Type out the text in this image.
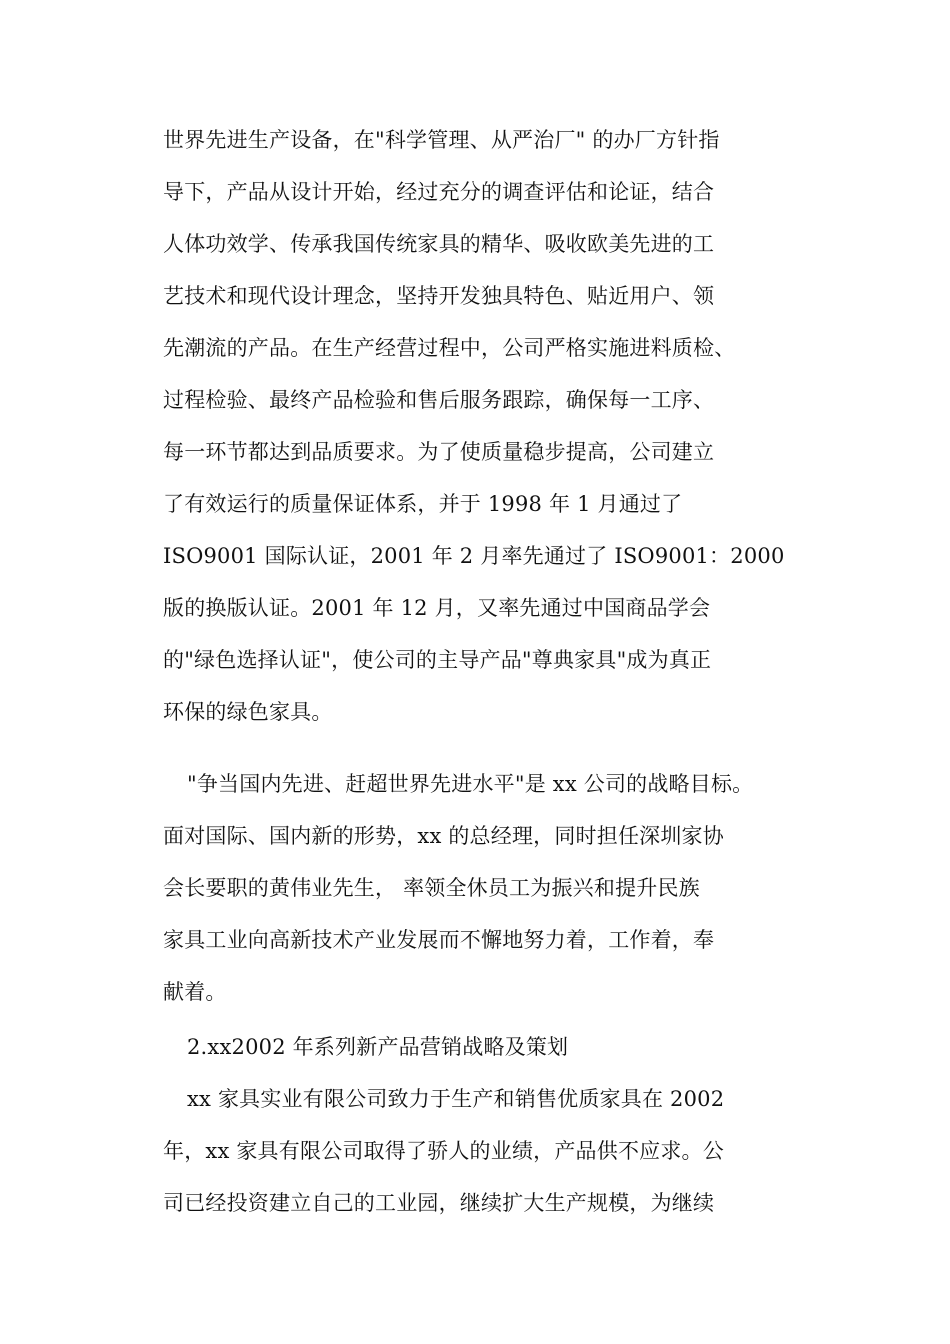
世界先进生产设备，在"科学管理、从严治厂" 的办厂方针指
导下，产品从设计开始，经过充分的调查评估和论证，结合
人体功效学、传承我国传统家具的精华、吸收欧美先进的工
艺技术和现代设计理念，坚持开发独具特色、贴近用户、领
先潮流的产品。在生产经营过程中，公司严格实施进料质检、
过程检验、最终产品检验和售后服务跟踪，确保每一工序、
每一环节都达到品质要求。为了使质量稳步提高，公司建立
了有效运行的质量保证体系，并于 1998 年 1 月通过了
ISO9001 国际认证，2001 年 2 月率先通过了 ISO9001：2000
版的换版认证。2001 年 12 月，又率先通过中国商品学会
的"绿色选择认证"，使公司的主导产品"尊典家具"成为真正
环保的绿色家具。
"争当国内先进、赶超世界先进水平"是 xx 公司的战略目标。
面对国际、国内新的形势，xx 的总经理，同时担任深圳家协
会长要职的黄伟业先生， 率领全休员工为振兴和提升民族
家具工业向高新技术产业发展而不懈地努力着，工作着，奉
献着。
2.xx2002 年系列新产品营销战略及策划
xx 家具实业有限公司致力于生产和销售优质家具在 2002
年，xx 家具有限公司取得了骄人的业绩，产品供不应求。公
司已经投资建立自己的工业园，继续扩大生产规模，为继续
